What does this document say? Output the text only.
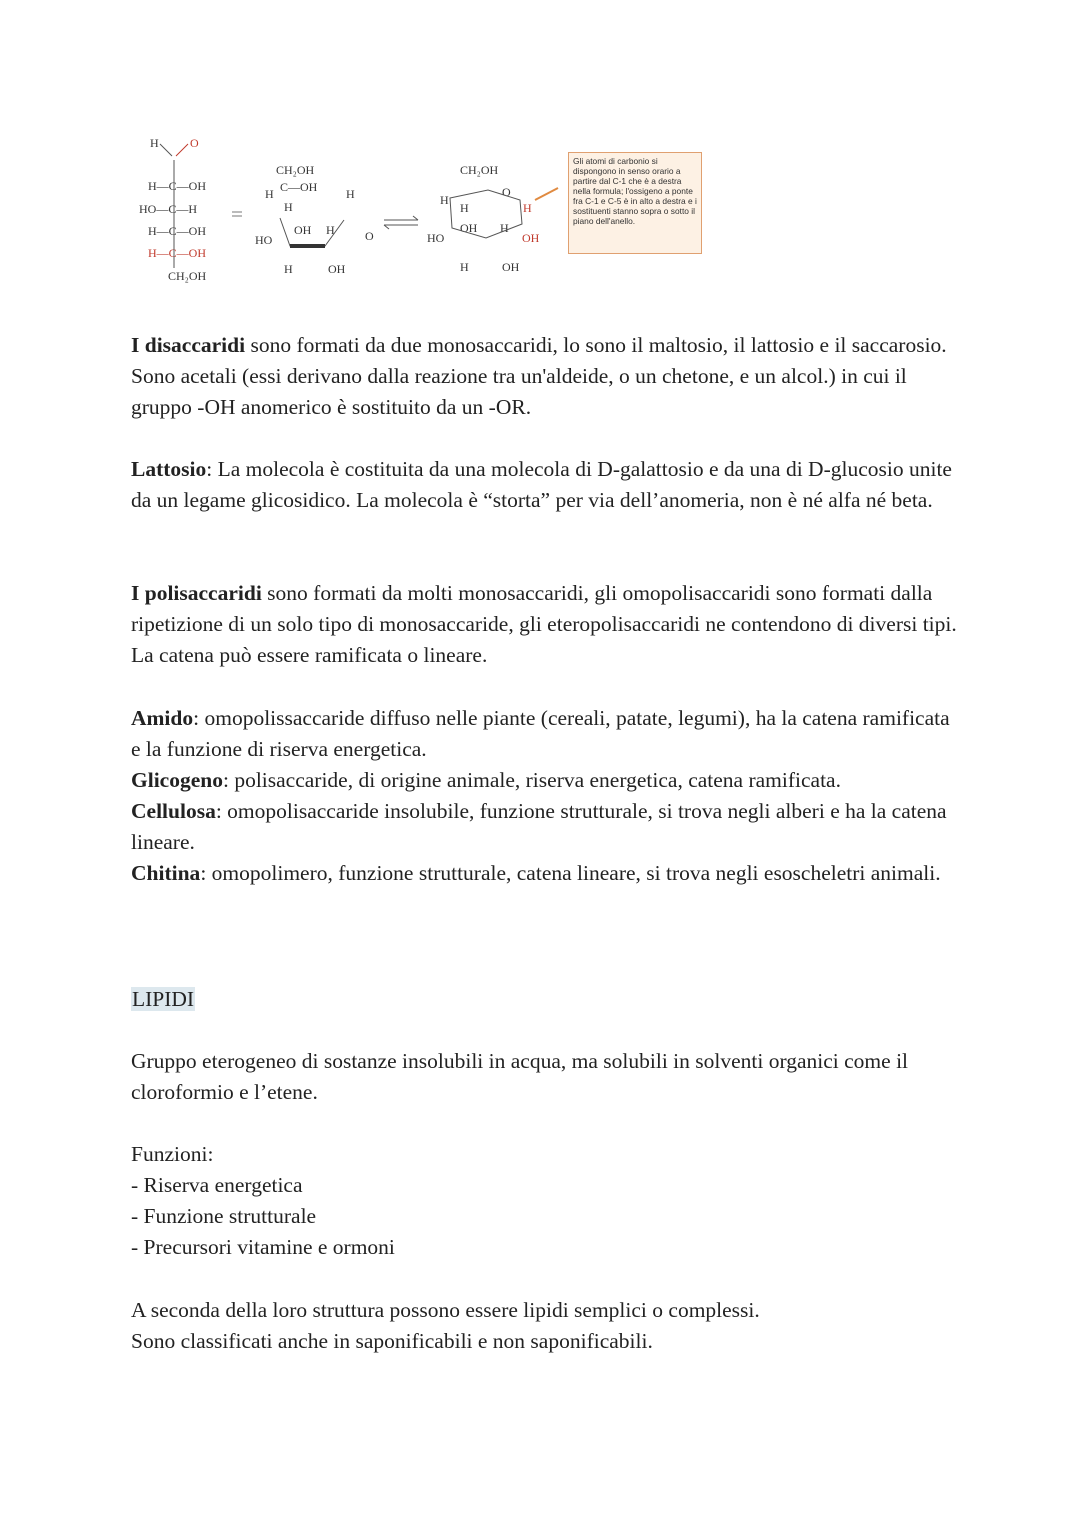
H	O
H—C—OH
HO—C—H
H—C—OH
H—C—OH
CH₂OH
CH₂OH
C—OH
H	H
H
OH H
HO	O
H	OH
CH₂OH
O
H
H	H
OH H
HO	OH
H	OH
Gli atomi di carbonio si dispongono in senso orario a partire dal C-1 che è a destra nella formula; l'ossigeno a ponte fra C-1 e C-5 è in alto a destra e i sostituenti stanno sopra o sotto il piano dell'anello.

I disaccaridi sono formati da due monosaccaridi, lo sono il maltosio, il lattosio e il saccarosio. Sono acetali (essi derivano dalla reazione tra un'aldeide, o un chetone, e un alcol.) in cui il gruppo -OH anomerico è sostituito da un -OR.

Lattosio: La molecola è costituita da una molecola di D-galattosio e da una di D-glucosio unite da un legame glicosidico. La molecola è “storta” per via dell’anomeria, non è né alfa né beta.

I polisaccaridi sono formati da molti monosaccaridi, gli omopolisaccaridi sono formati dalla ripetizione di un solo tipo di monosaccaride, gli eteropolisaccaridi ne contendono di diversi tipi. La catena può essere ramificata o lineare.

Amido: omopolissaccaride diffuso nelle piante (cereali, patate, legumi), ha la catena ramificata e la funzione di riserva energetica.
Glicogeno: polisaccaride, di origine animale, riserva energetica, catena ramificata.
Cellulosa: omopolisaccaride insolubile, funzione strutturale, si trova negli alberi e ha la catena lineare.
Chitina: omopolimero, funzione strutturale, catena lineare, si trova negli esoscheletri animali.

LIPIDI

Gruppo eterogeneo di sostanze insolubili in acqua, ma solubili in solventi organici come il cloroformio e l’etene.

Funzioni:
- Riserva energetica
- Funzione strutturale
- Precursori vitamine e ormoni
A seconda della loro struttura possono essere lipidi semplici o complessi.
Sono classificati anche in saponificabili e non saponificabili.
